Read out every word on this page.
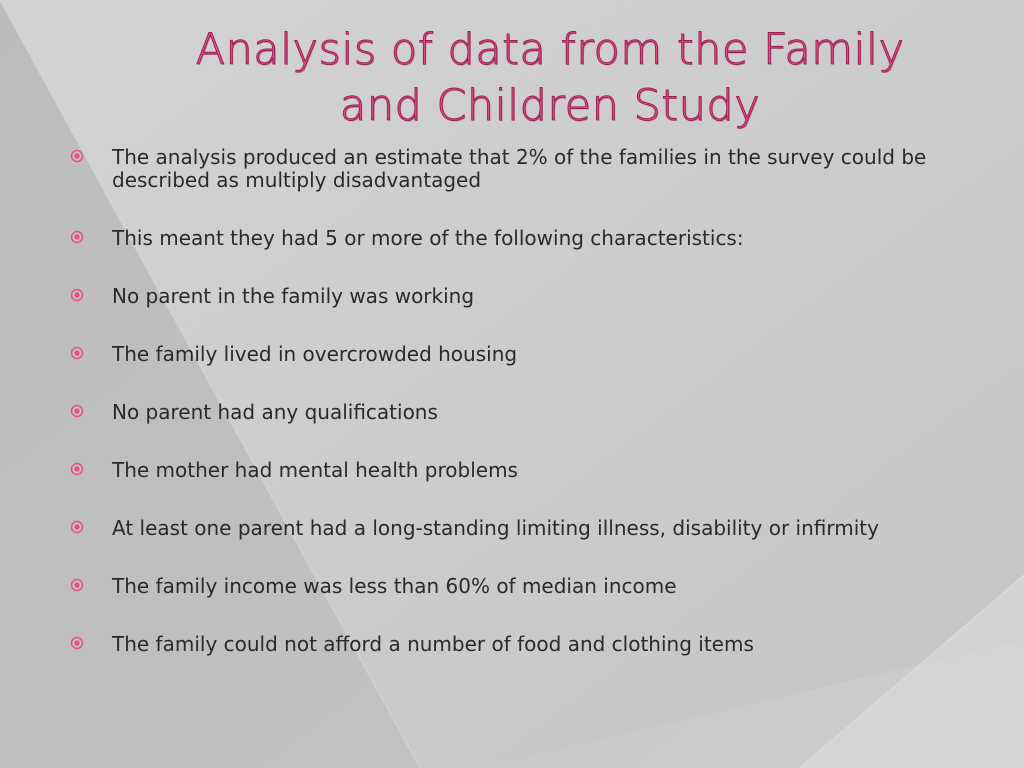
Analysis of data from the Family
and Children Study
The analysis produced an estimate that 2% of the families in the survey could be described as multiply disadvantaged
This meant they had 5 or more of the following characteristics:
No parent in the family was working
The family lived in overcrowded housing
No parent had any qualifications
The mother had mental health problems
At least one parent had a long-standing limiting illness, disability or infirmity
The family income was less than 60% of median income
The family could not afford a number of food and clothing items
